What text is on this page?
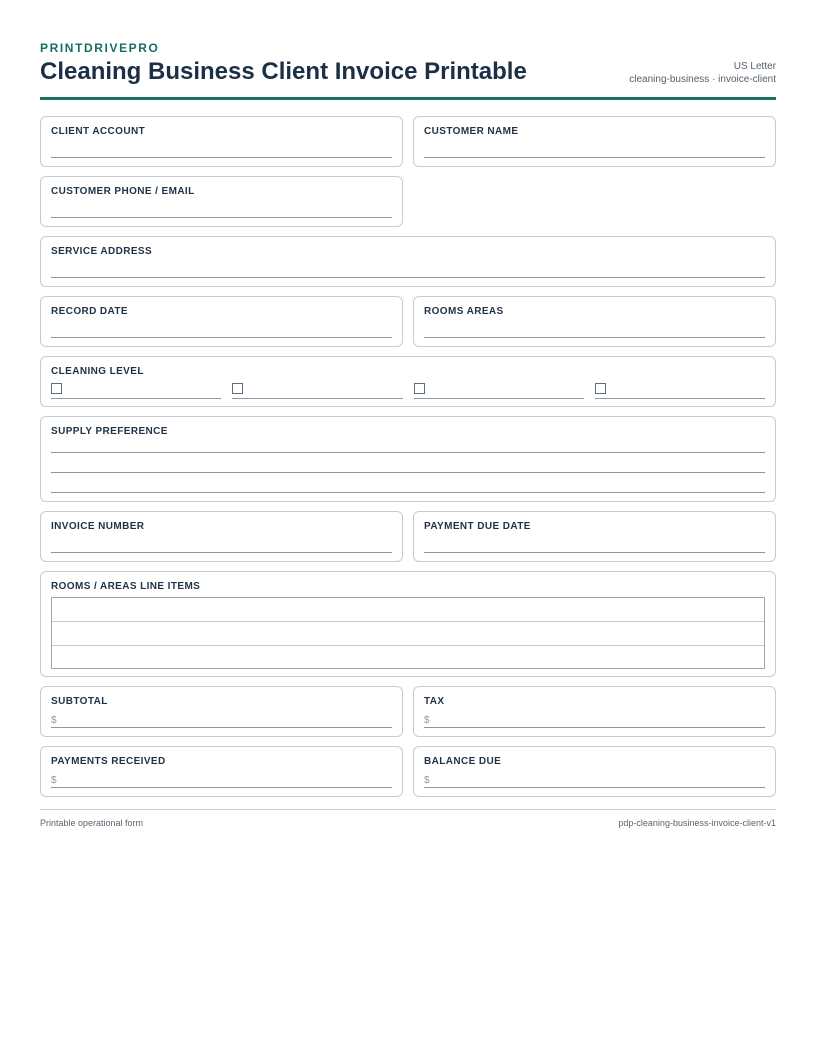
PRINTDRIVEPRO
Cleaning Business Client Invoice Printable	US Letter
cleaning-business · invoice-client
CLIENT ACCOUNT	CUSTOMER NAME
CUSTOMER PHONE / EMAIL
SERVICE ADDRESS
RECORD DATE	ROOMS AREAS
CLEANING LEVEL
SUPPLY PREFERENCE
INVOICE NUMBER	PAYMENT DUE DATE
ROOMS / AREAS LINE ITEMS
SUBTOTAL
$
TAX
$
PAYMENTS RECEIVED
$
BALANCE DUE
$
Printable operational form	pdp-cleaning-business-invoice-client-v1
